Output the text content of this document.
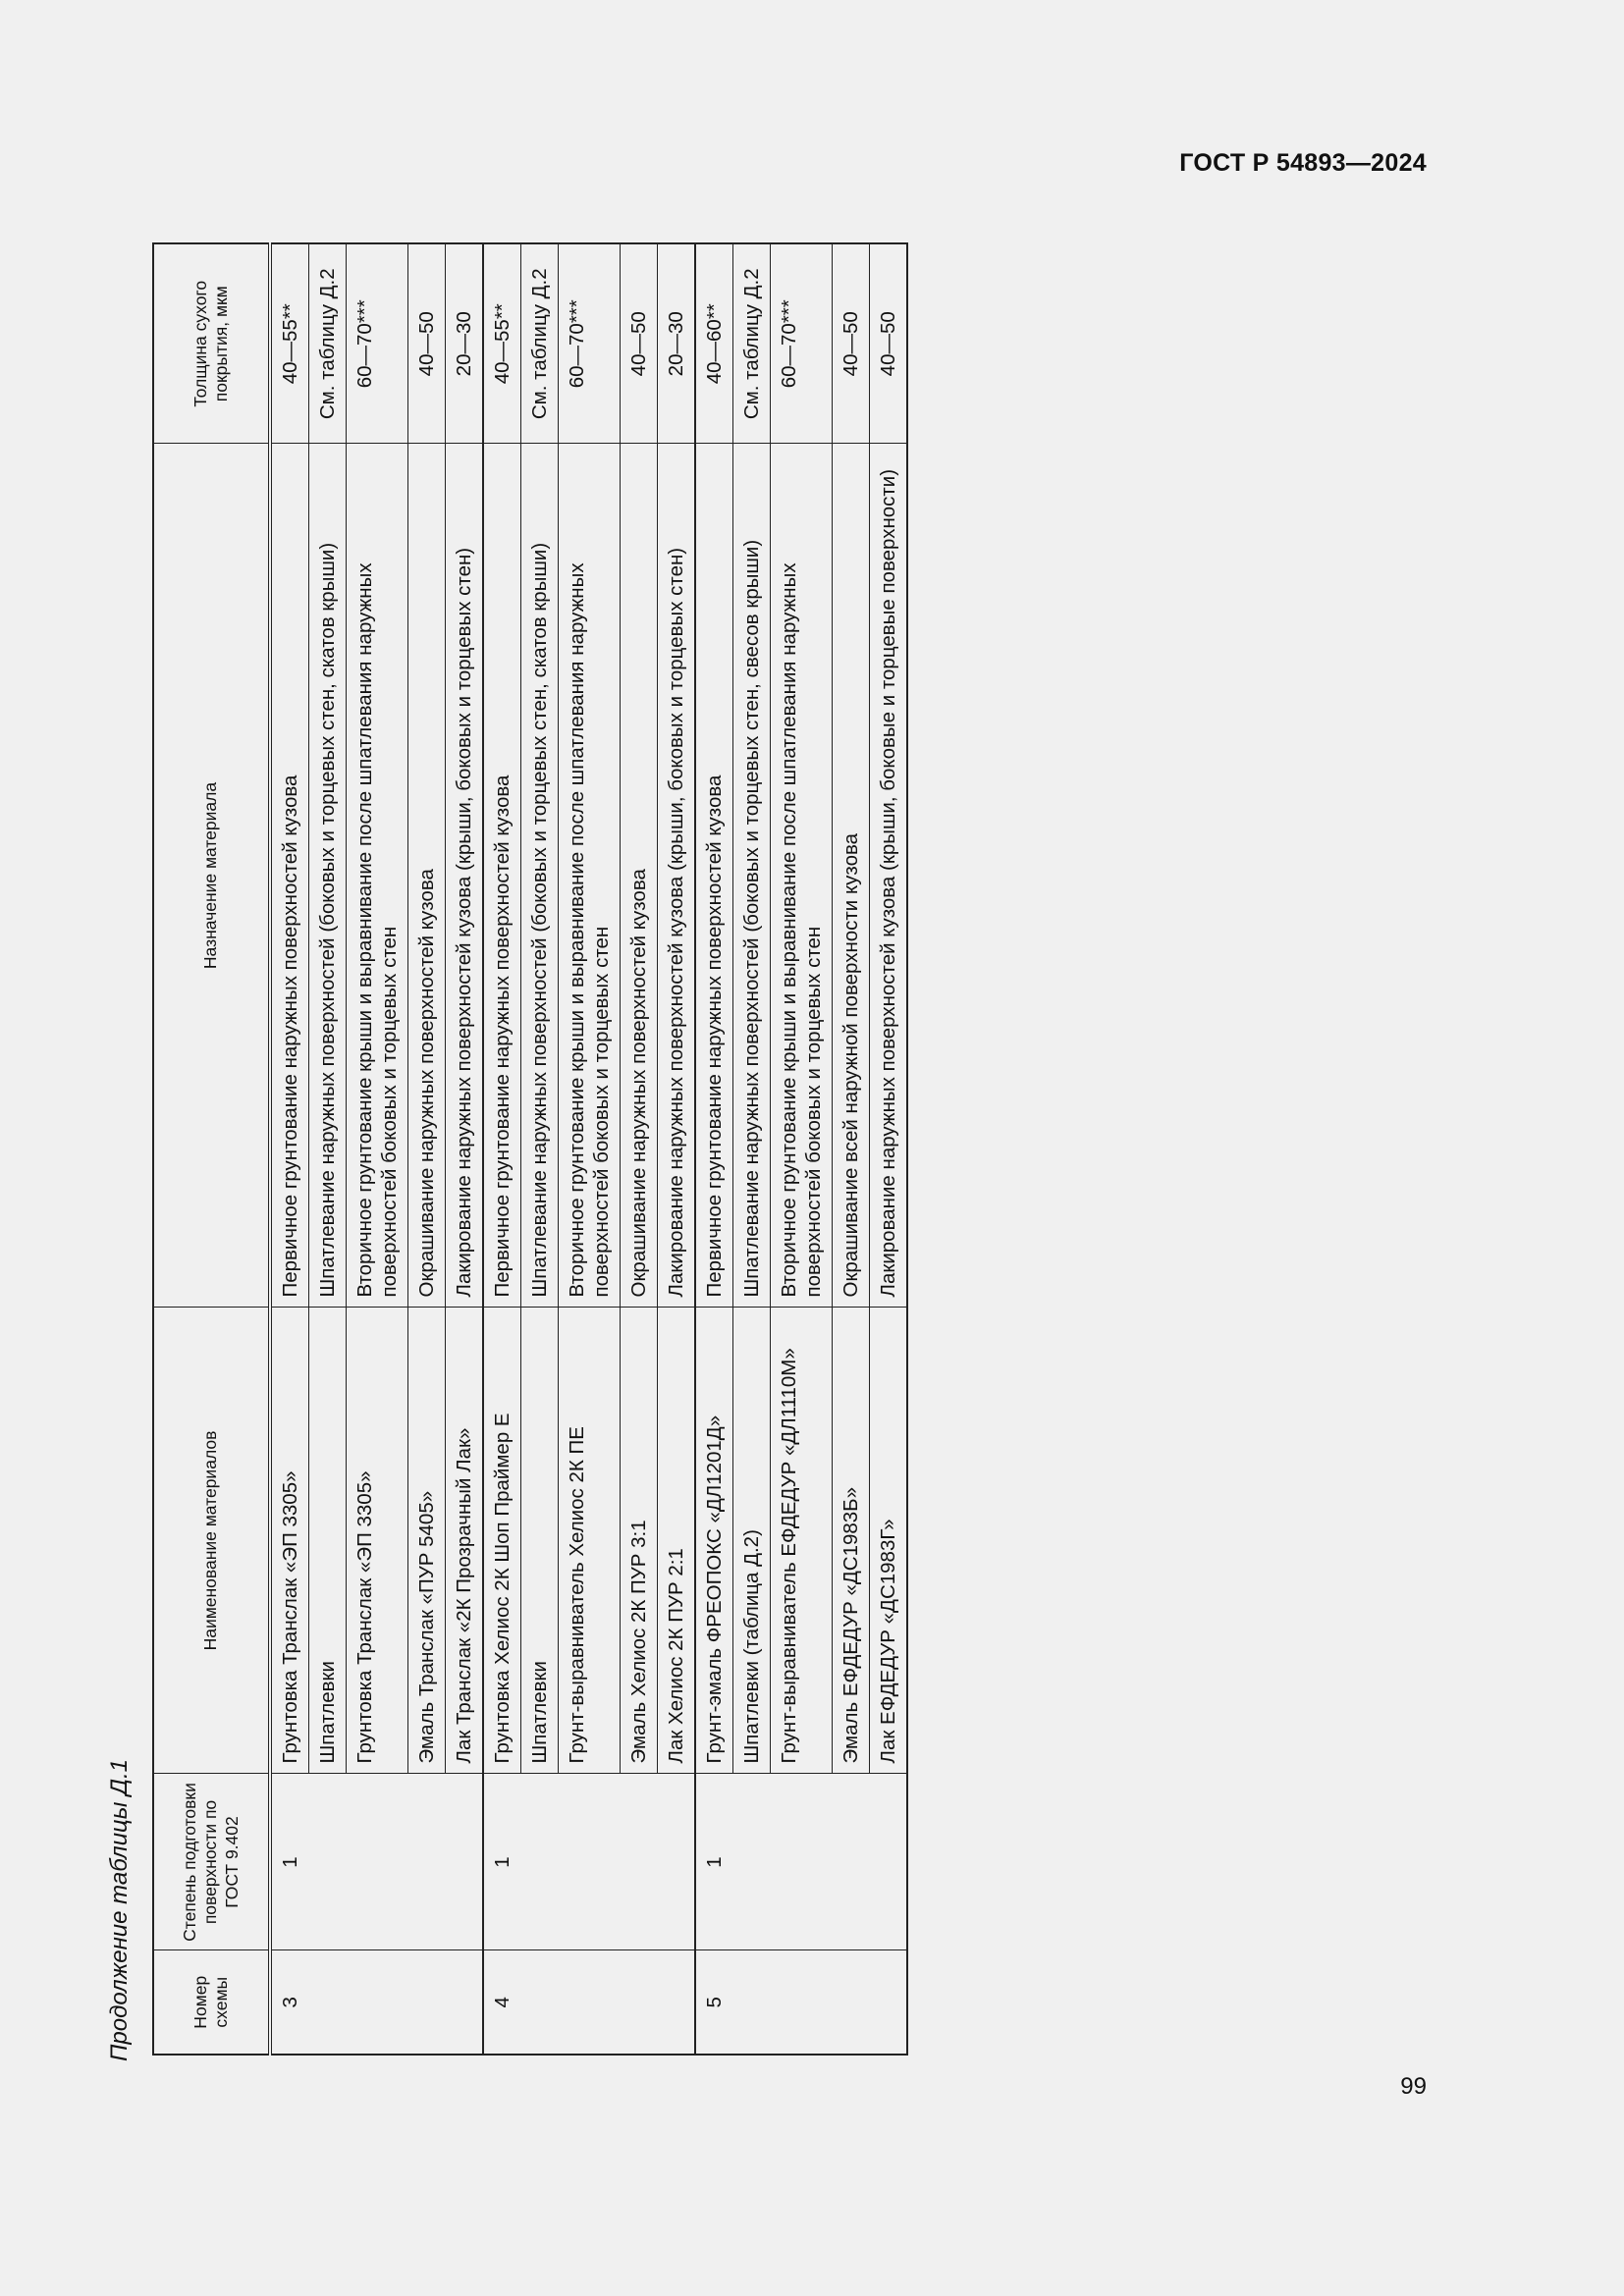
ГОСТ Р 54893—2024
Продолжение таблицы Д.1	Номер схемы	Степень подготовки поверхности по ГОСТ 9.402	Наименование материалов	Назначение материала	Толщина сухого покрытия, мкм
3	1	Грунтовка Транслак «ЭП 3305»	Первичное грунтование наружных поверхностей кузова	40—55**
		Шпатлевки	Шпатлевание наружных поверхностей (боковых и торцевых стен, скатов крыши)	См. таблицу Д.2
		Грунтовка Транслак «ЭП 3305»	Вторичное грунтование крыши и выравнивание после шпатлевания наружных поверхностей боковых и торцевых стен	60—70***
		Эмаль Транслак «ПУР 5405»	Окрашивание наружных поверхностей кузова	40—50
		Лак Транслак «2К Прозрачный Лак»	Лакирование наружных поверхностей кузова (крыши, боковых и торцевых стен)	20—30
4	1	Грунтовка Хелиос 2К Шоп Праймер Е	Первичное грунтование наружных поверхностей кузова	40—55**
		Шпатлевки	Шпатлевание наружных поверхностей (боковых и торцевых стен, скатов крыши)	См. таблицу Д.2
		Грунт-выравниватель Хелиос 2К ПЕ	Вторичное грунтование крыши и выравнивание после шпатлевания наружных поверхностей боковых и торцевых стен	60—70***
		Эмаль Хелиос 2К ПУР 3:1	Окрашивание наружных поверхностей кузова	40—50
		Лак Хелиос 2К ПУР 2:1	Лакирование наружных поверхностей кузова (крыши, боковых и торцевых стен)	20—30
5	1	Грунт-эмаль ФРЕОПОКС «ДЛ1201Д»	Первичное грунтование наружных поверхностей кузова	40—60**
		Шпатлевки (таблица Д.2)	Шпатлевание наружных поверхностей (боковых и торцевых стен, свесов крыши)	См. таблицу Д.2
		Грунт-выравниватель ЕФДЕДУР «ДЛ1110М»	Вторичное грунтование крыши и выравнивание после шпатлевания наружных поверхностей боковых и торцевых стен	60—70***
		Эмаль ЕФДЕДУР «ДС1983Б»	Окрашивание всей наружной поверхности кузова	40—50
		Лак ЕФДЕДУР «ДС1983Г»	Лакирование наружных поверхностей кузова (крыши, боковые и торцевые поверхности)	40—50
99
